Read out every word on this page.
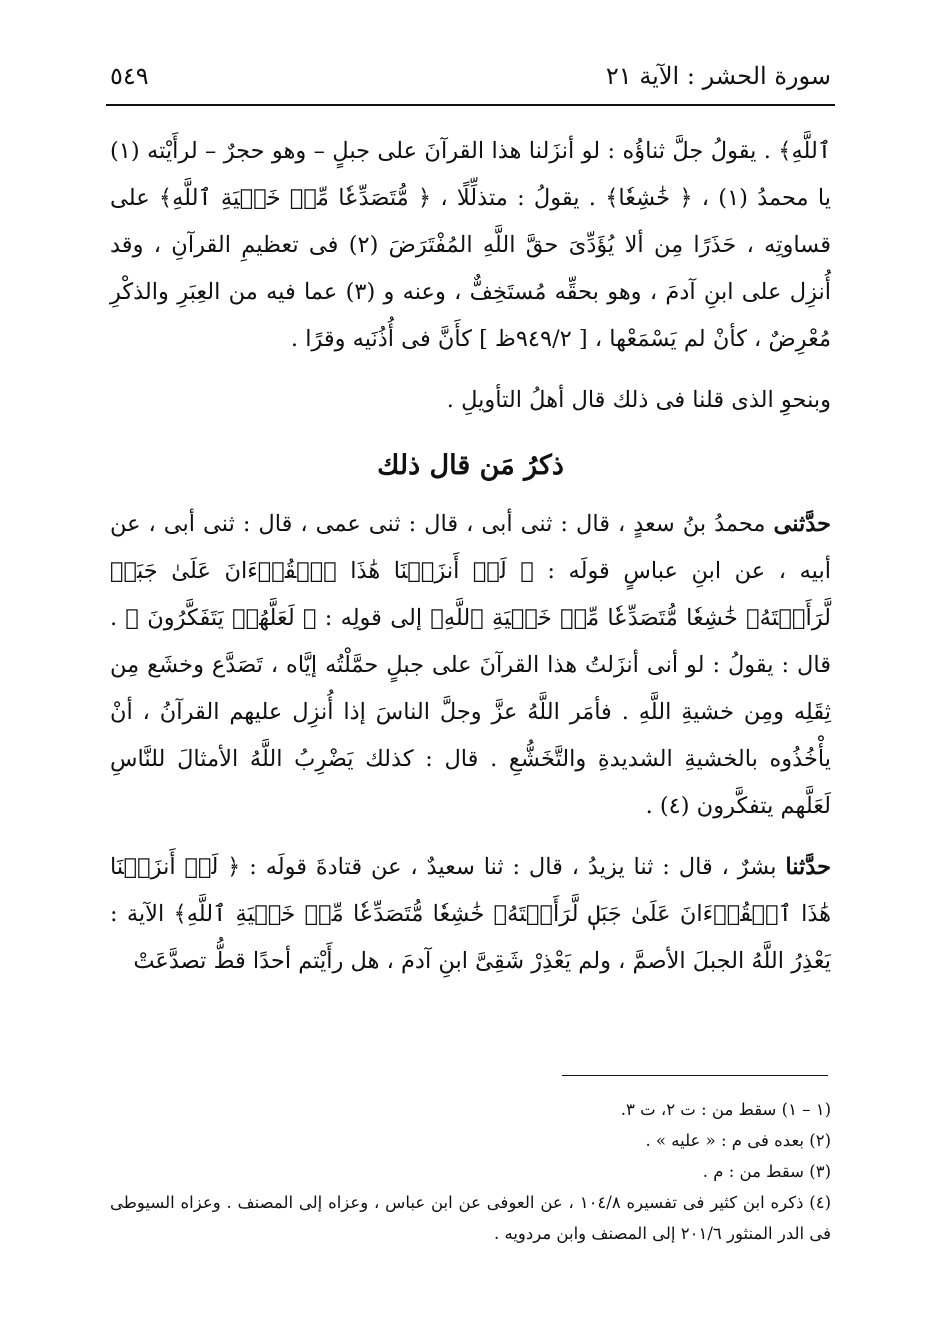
سورة الحشر : الآية ٢١
٥٤٩

ٱللَّهِ﴾ . يقولُ جلَّ ثناؤُه : لو أنزَلنا هذا القرآنَ على جبلٍ – وهو حجرٌ – لرأَيْته (١) يا محمدُ (١) ، ﴿ خَٰشِعٗا﴾ . يقولُ : متذلِّلًا ، ﴿ مُّتَصَدِّعٗا مِّنۡ خَشۡيَةِ ٱللَّهِ﴾ على قساوتِه ، حَذَرًا مِن ألا يُؤَدِّىَ حقَّ اللَّهِ المُفْتَرَضَ (٢) فى تعظيمِ القرآنِ ، وقد أُنزِل على ابنِ آدمَ ، وهو بحقِّه مُستَخِفٌّ ، وعنه و (٣) عما فيه من العِبَرِ والذكْرِ مُعْرِضٌ ، كأنْ لم يَسْمَعْها ، [ ٩٤٩/٢ظ ] كأَنَّ فى أُذُنَيه وقرًا .

وبنحوِ الذى قلنا فى ذلك قال أهلُ التأويلِ .

ذكرُ مَن قال ذلك

حدَّثنى محمدُ بنُ سعدٍ ، قال : ثنى أبى ، قال : ثنى عمى ، قال : ثنى أبى ، عن أبيه ، عن ابنِ عباسٍ قولَه : ﴿ لَوۡ أَنزَلۡنَا هَٰذَا ٱلۡقُرۡءَانَ عَلَىٰ جَبَلٖ لَّرَأَيۡتَهُۥ خَٰشِعٗا مُّتَصَدِّعٗا مِّنۡ خَشۡيَةِ ٱللَّهِ﴾ إلى قولِه : ﴿ لَعَلَّهُمۡ يَتَفَكَّرُونَ ﴾ . قال : يقولُ : لو أنى أنزَلتُ هذا القرآنَ على جبلٍ حمَّلْتُه إيَّاه ، تَصَدَّع وخشَع مِن ثِقَلِه ومِن خشيةِ اللَّهِ . فأمَر اللَّهُ عزَّ وجلَّ الناسَ إذا أُنزِل عليهم القرآنُ ، أنْ يأْخُذُوه بالخشيةِ الشديدةِ والتَّخَشُّعِ . قال : كذلك يَضْرِبُ اللَّهُ الأمثالَ للنَّاسِ لَعَلَّهم يتفكَّرون (٤) .

حدَّثنا بشرٌ ، قال : ثنا يزيدُ ، قال : ثنا سعيدٌ ، عن قتادةَ قولَه : ﴿ لَوۡ أَنزَلۡنَا هَٰذَا ٱلۡقُرۡءَانَ عَلَىٰ جَبَلٖ لَّرَأَيۡتَهُۥ خَٰشِعٗا مُّتَصَدِّعٗا مِّنۡ خَشۡيَةِ ٱللَّهِ﴾ الآية : يَعْذِرُ اللَّهُ الجبلَ الأصمَّ ، ولم يَعْذِرْ شَقِىَّ ابنِ آدمَ ، هل رأَيْتم أحدًا قطُّ تصدَّعَتْ

(١ – ١) سقط من : ت ٢، ت ٣.

(٢) بعده فى م : « عليه » .

(٣) سقط من : م .

(٤) ذكره ابن كثير فى تفسيره ١٠٤/٨ ، عن العوفى عن ابن عباس ، وعزاه إلى المصنف . وعزاه السيوطى فى الدر المنثور ٢٠١/٦ إلى المصنف وابن مردويه .
